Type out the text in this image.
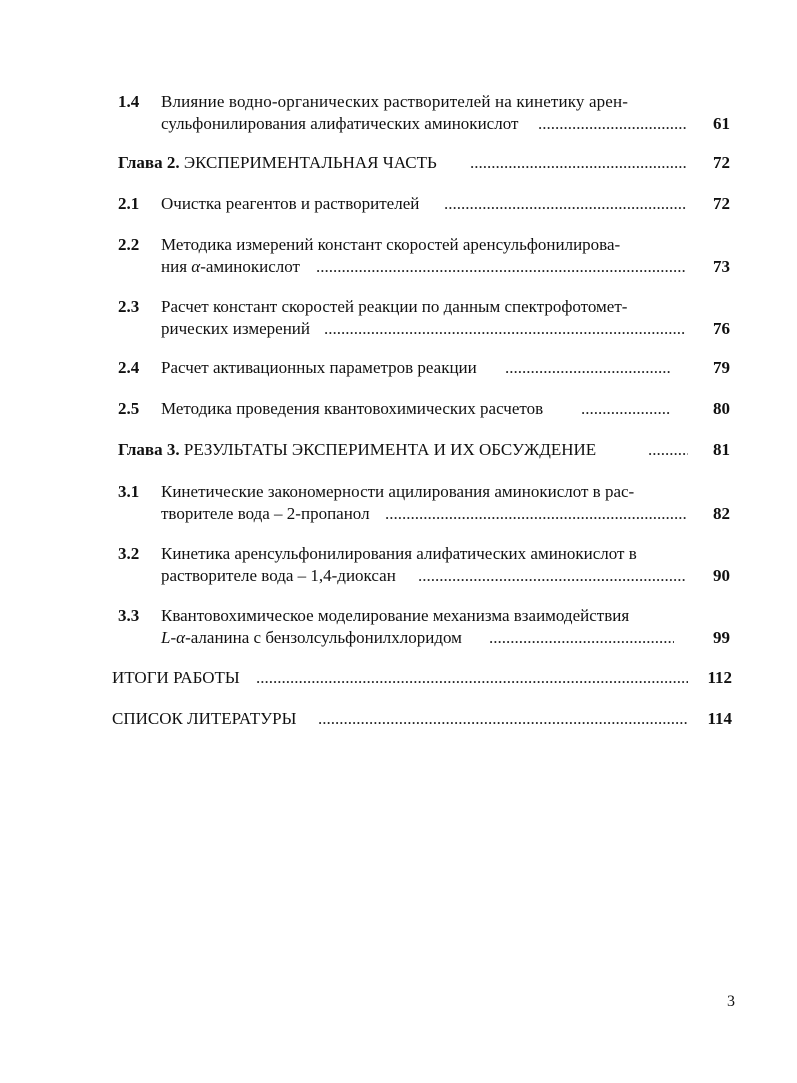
1.4 Влияние водно-органических растворителей на кинетику арен-
сульфонилирования алифатических аминокислот .....	61
Глава 2. ЭКСПЕРИМЕНТАЛЬНАЯ ЧАСТЬ .....	72
2.1 Очистка реагентов и растворителей .....	72
2.2 Методика измерений констант скоростей аренсульфонилирова-
ния α-аминокислот .....	73
2.3 Расчет констант скоростей реакции по данным спектрофотомет-
рических измерений .....	76
2.4 Расчет активационных параметров реакции .....	79
2.5 Методика проведения квантовохимических расчетов .....	80
Глава 3. РЕЗУЛЬТАТЫ ЭКСПЕРИМЕНТА И ИХ ОБСУЖДЕНИЕ .....	81
3.1 Кинетические закономерности ацилирования аминокислот в рас-
творителе вода – 2-пропанол .....	82
3.2 Кинетика аренсульфонилирования алифатических аминокислот в
растворителе вода – 1,4-диоксан .....	90
3.3 Квантовохимическое моделирование механизма взаимодействия
L-α-аланина с бензолсульфонилхлоридом .....	99
ИТОГИ РАБОТЫ .....	112
СПИСОК ЛИТЕРАТУРЫ .....	114
3
